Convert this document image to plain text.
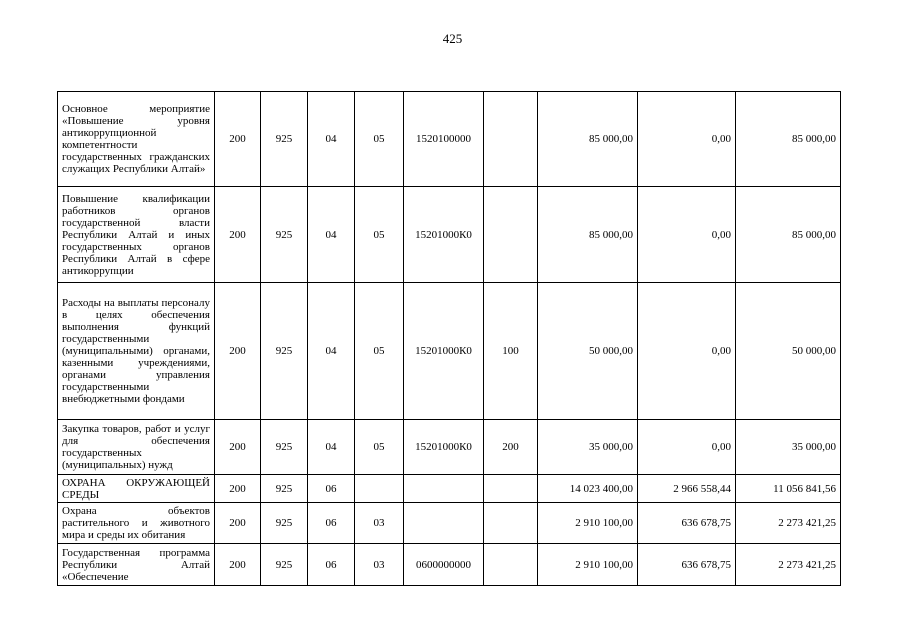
425
Основное мероприятие «Повышение уровня антикоррупционной компетентности государственных гражданских служащих Республики Алтай»	200	925	04	05	1520100000		85 000,00	0,00	85 000,00
Повышение квалификации работников органов государственной власти Республики Алтай и иных государственных органов Республики Алтай в сфере антикоррупции	200	925	04	05	15201000К0		85 000,00	0,00	85 000,00
Расходы на выплаты персоналу в целях обеспечения выполнения функций государственными (муниципальными) органами, казенными учреждениями, органами управления государственными внебюджетными фондами	200	925	04	05	15201000К0	100	50 000,00	0,00	50 000,00
Закупка товаров, работ и услуг для обеспечения государственных (муниципальных) нужд	200	925	04	05	15201000К0	200	35 000,00	0,00	35 000,00
ОХРАНА ОКРУЖАЮЩЕЙ СРЕДЫ	200	925	06				14 023 400,00	2 966 558,44	11 056 841,56
Охрана объектов растительного и животного мира и среды их обитания	200	925	06	03			2 910 100,00	636 678,75	2 273 421,25
Государственная программа Республики Алтай «Обеспечение	200	925	06	03	0600000000		2 910 100,00	636 678,75	2 273 421,25
